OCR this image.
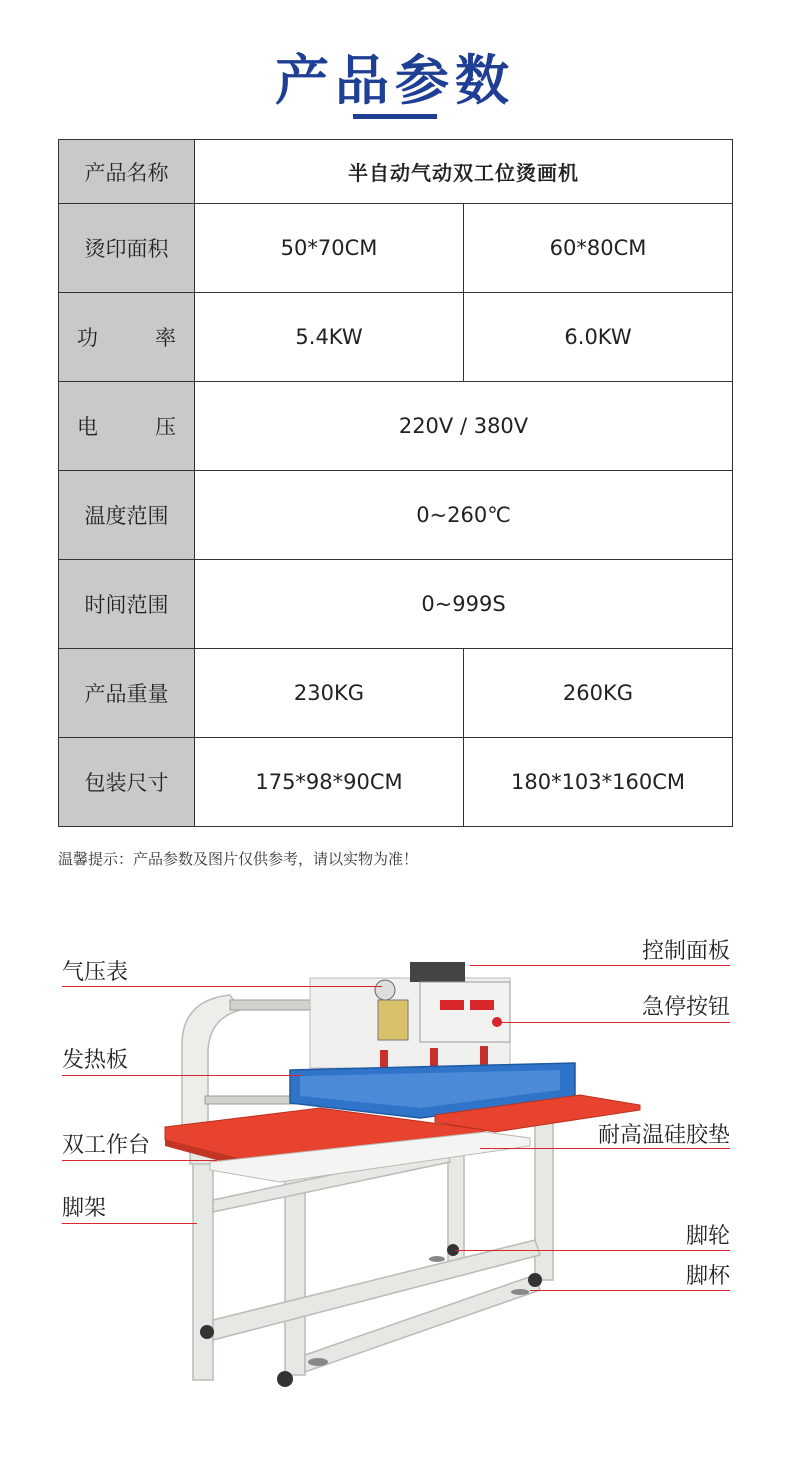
产品参数
产品名称	半自动气动双工位烫画机	
烫印面积	50*70CM	60*80CM

功 率	5.4KW	6.0KW

电 压	220V / 380V	
温度范围	0~260℃	
时间范围	0~999S	
产品重量	230KG	260KG
包装尺寸	175*98*90CM	180*103*160CM
温馨提示：产品参数及图片仅供参考，请以实物为准！
气压表
发热板
双工作台
脚架
控制面板
急停按钮
耐高温硅胶垫
脚轮
脚杯
